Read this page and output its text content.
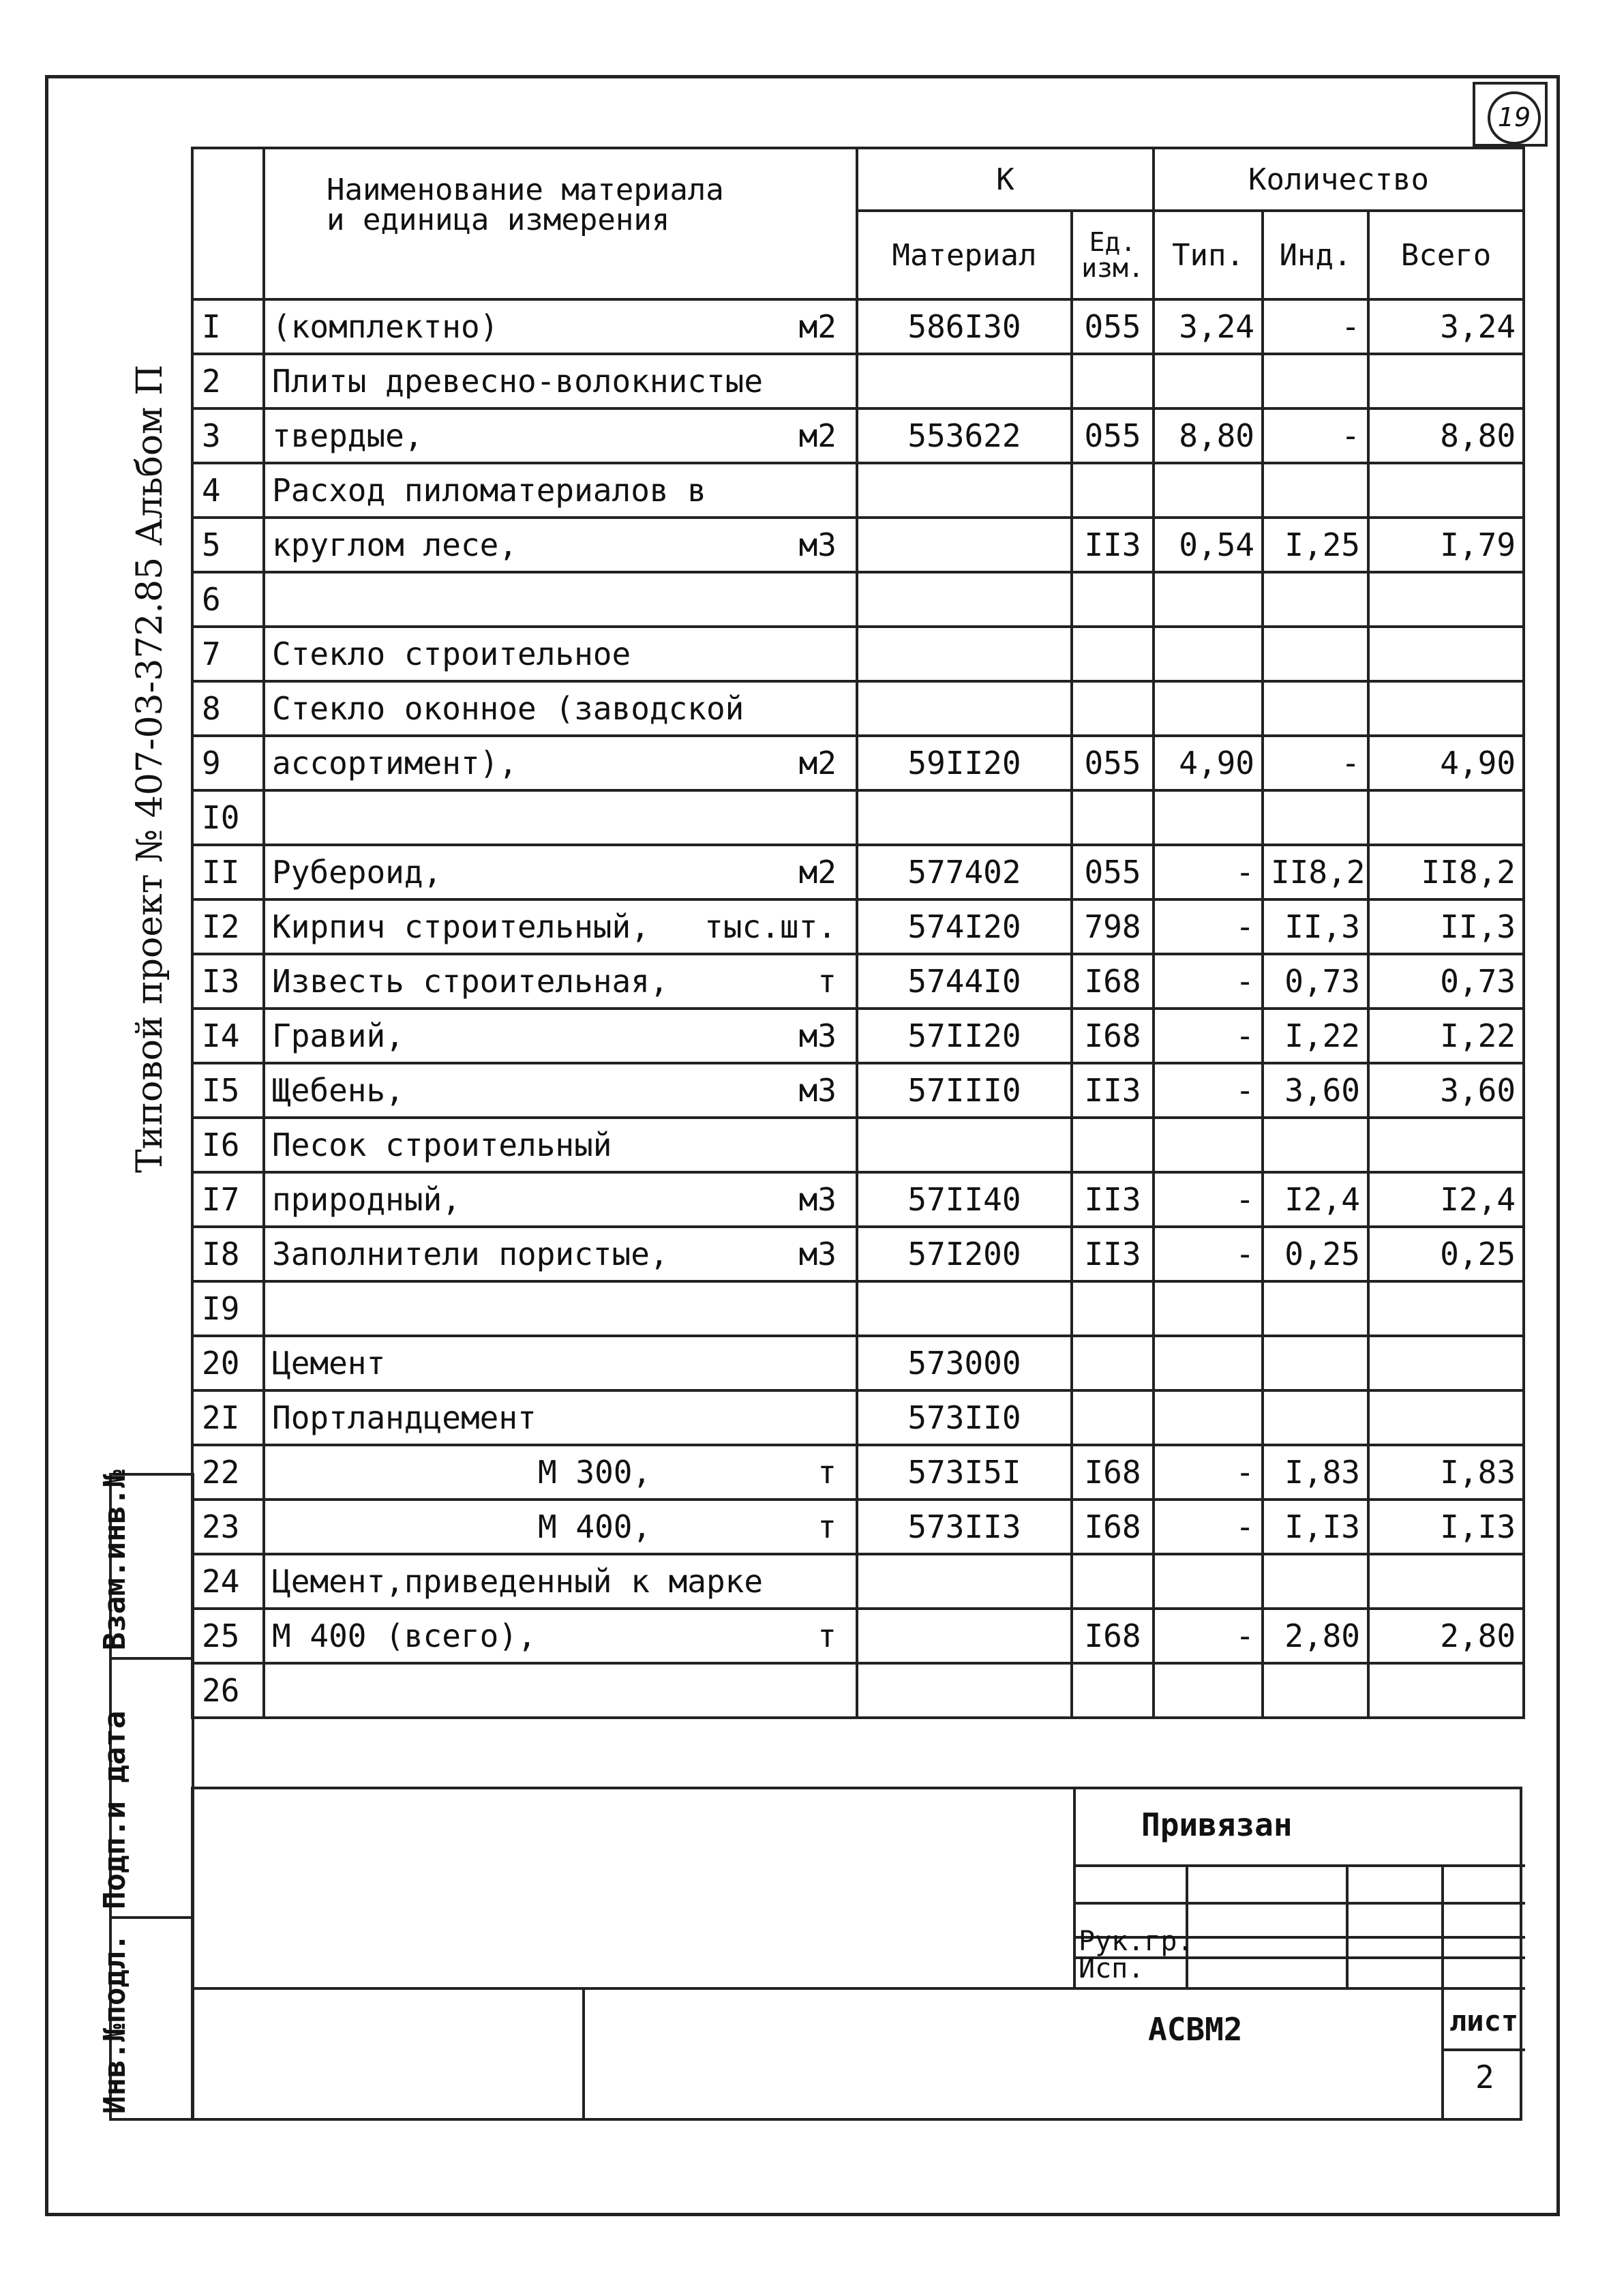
19
Типовой проект № 407-03-372.85 Альбом П
	Наименование материала
и единица измерения	К		Количество		
		Материал	Ед.
изм.	Тип.	Инд.	Всего
I	(комплектно) м2	586I30	055	3,24	-	3,24
2	Плиты древесно-волокнистые

3	твердые, м2	553622	055	8,80	-	8,80
4	Расход пиломатериалов в

5	круглом лесе, м3		II3	0,54	I,25	I,79
6	

7	Стекло строительное

8	Стекло оконное (заводской

9	ассортимент), м2	59II20	055	4,90	-	4,90
I0	

II	Рубероид, м2	577402	055	-	II8,2	II8,2
I2	Кирпич строительный, тыс.шт.	574I20	798	-	II,3	II,3
I3	Известь строительная, т	5744I0	I68	-	0,73	0,73
I4	Гравий, м3	57II20	I68	-	I,22	I,22
I5	Щебень, м3	57III0	II3	-	3,60	3,60
I6	Песок строительный

I7	природный, м3	57II40	II3	-	I2,4	I2,4
I8	Заполнители пористые, м3	57I200	II3	-	0,25	0,25
I9	

20	Цемент	573000				
2I	Портландцемент	573II0				
22	М 300, т	573I5I	I68	-	I,83	I,83
23	М 400, т	573II3	I68	-	I,I3	I,I3
24	Цемент,приведенный к марке

25	М 400 (всего), т		I68	-	2,80	2,80
26	

Взам.инв.№
Подп.и дата
Инв.№подл.
Привязан
Рук.гр.
Исп.
АСВМ2	лист
2
